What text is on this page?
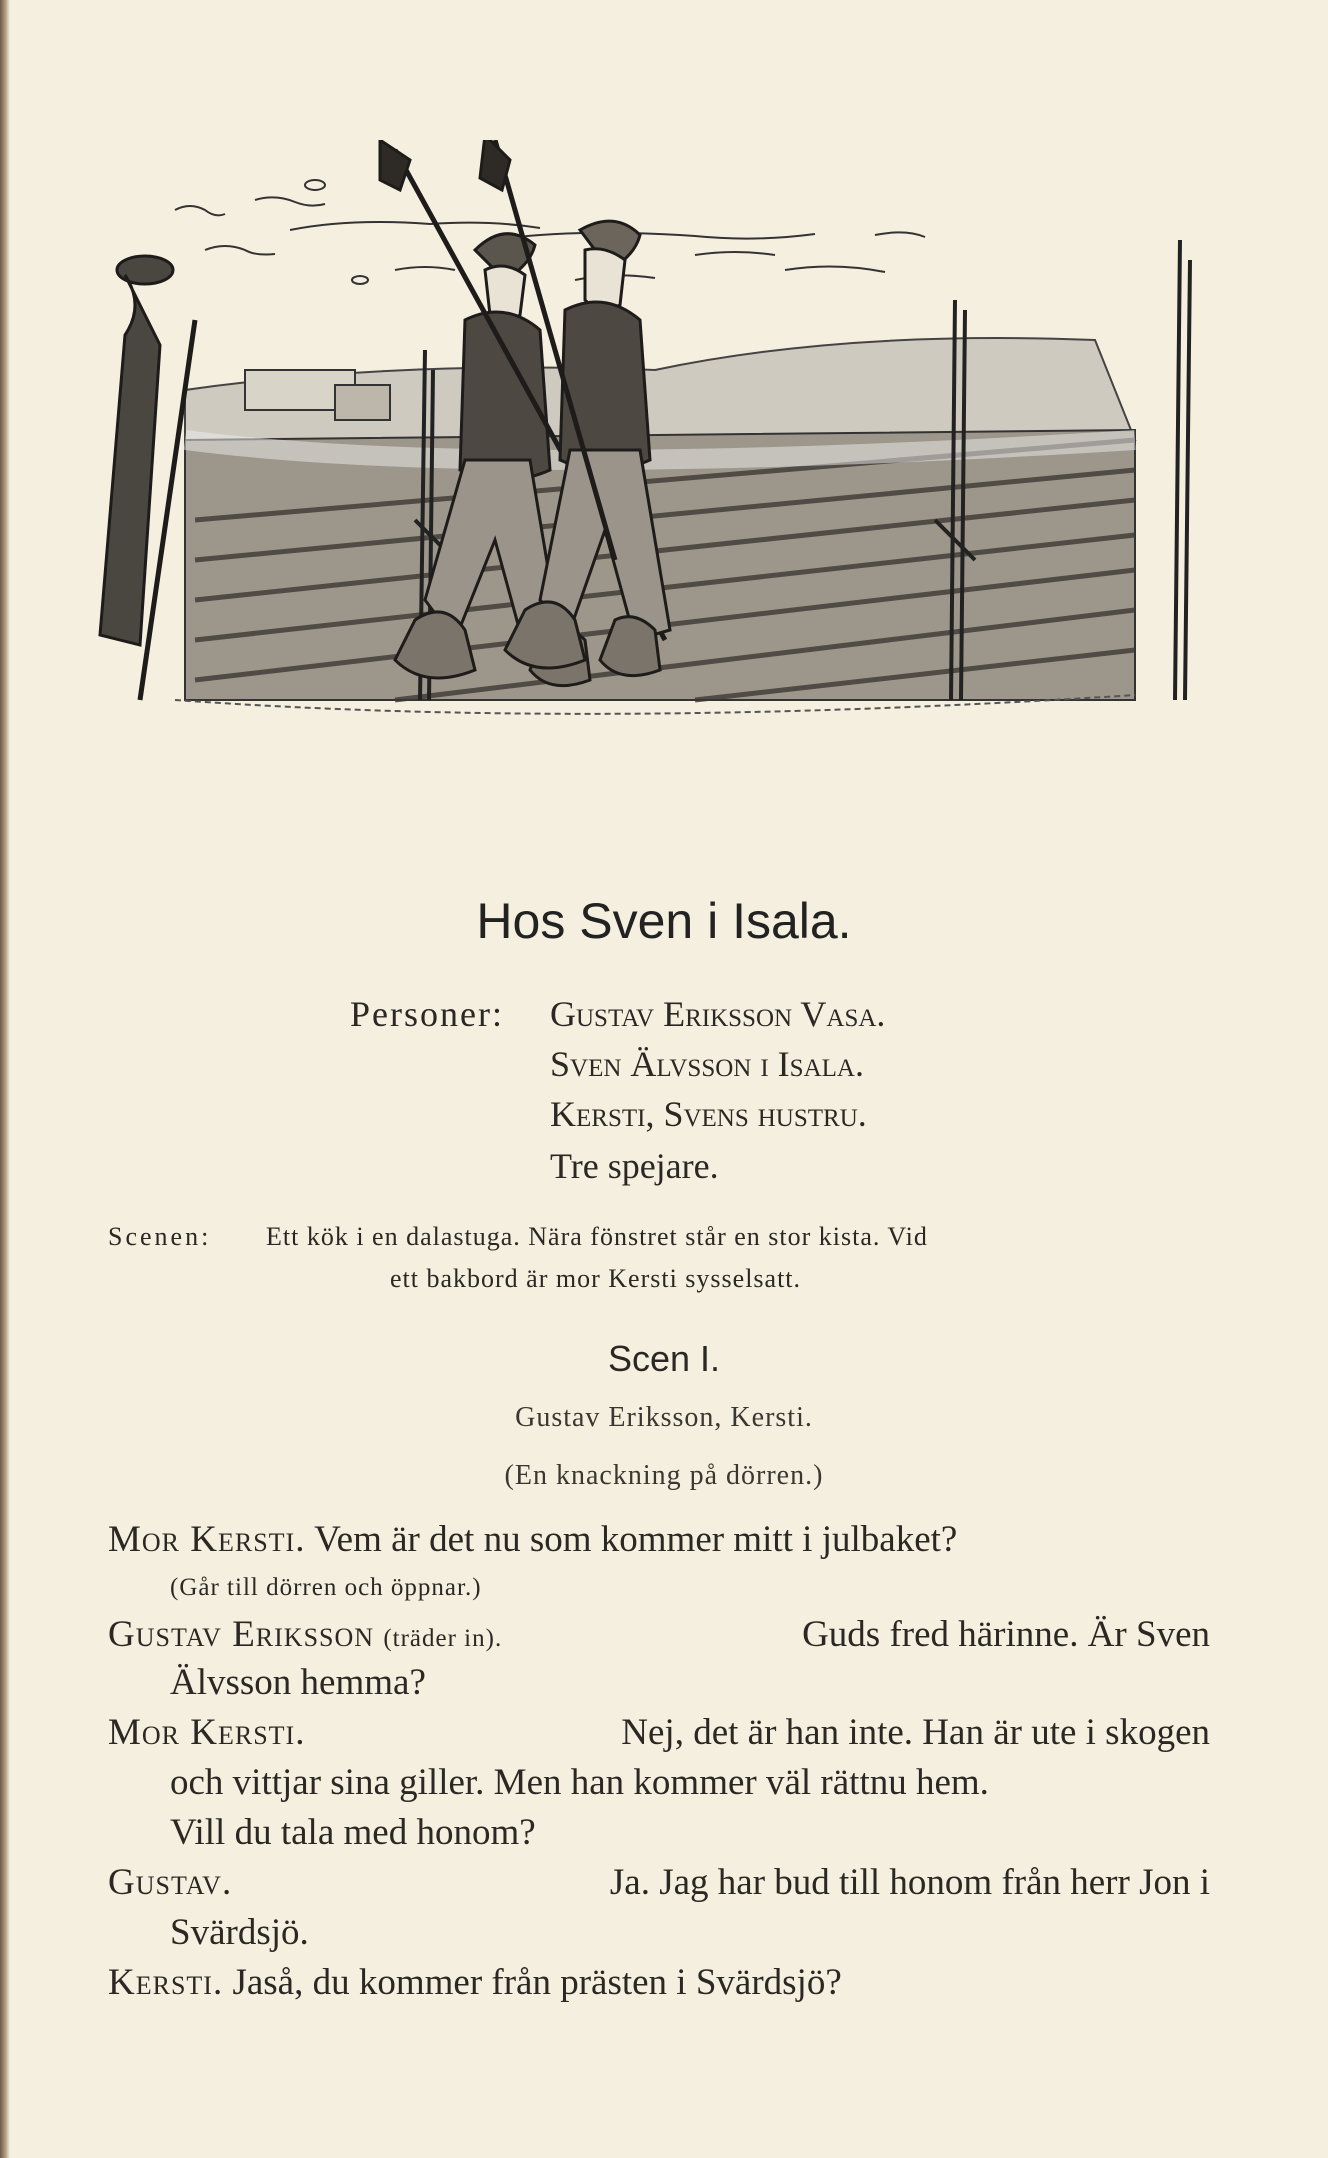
Hos Sven i Isala.
Personer: Gustav Eriksson Vasa.
Sven Älvsson i Isala.
Kersti, Svens hustru.
Tre spejare.
Scenen: Ett kök i en dalastuga. Nära fönstret står en stor kista. Vid
ett bakbord är mor Kersti sysselsatt.
Scen I.
Gustav Eriksson, Kersti.
(En knackning på dörren.)
Mor Kersti. Vem är det nu som kommer mitt i julbaket?
(Går till dörren och öppnar.)
Gustav Eriksson (träder in).	Guds fred härinne. Är Sven
Älvsson hemma?
Mor Kersti.	Nej, det är han inte. Han är ute i skogen
och vittjar sina giller. Men han kommer väl rättnu hem.
Vill du tala med honom?
Gustav.	Ja. Jag har bud till honom från herr Jon i
Svärdsjö.
Kersti. Jaså, du kommer från prästen i Svärdsjö?
